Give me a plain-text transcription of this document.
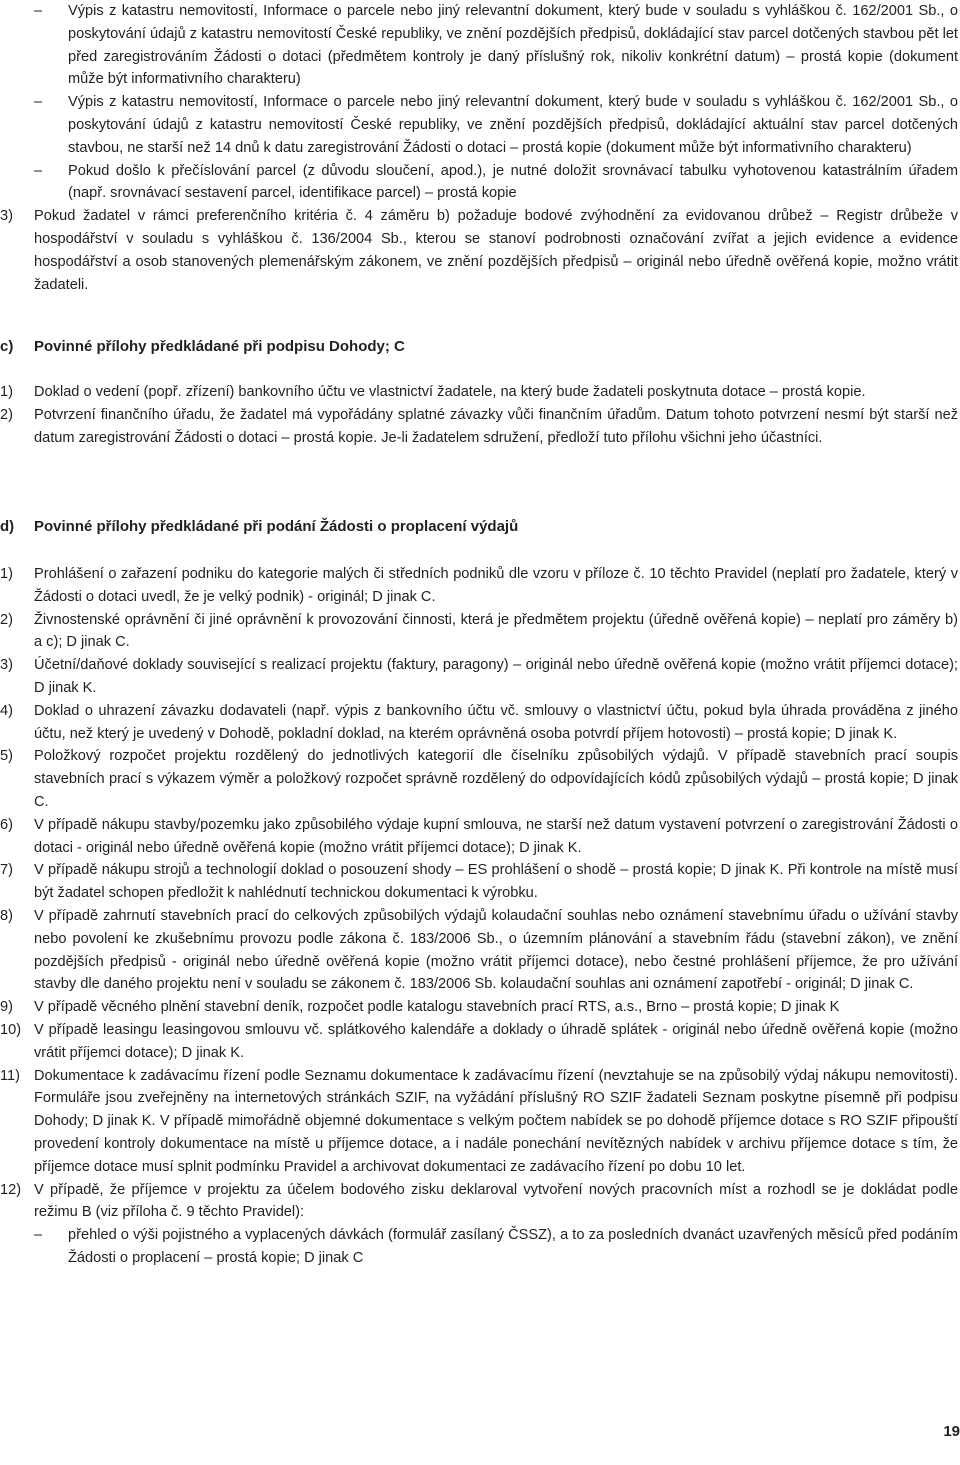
– Výpis z katastru nemovitostí, Informace o parcele nebo jiný relevantní dokument, který bude v souladu s vyhláškou č. 162/2001 Sb., o poskytování údajů z katastru nemovitostí České republiky, ve znění pozdějších předpisů, dokládající stav parcel dotčených stavbou pět let před zaregistrováním Žádosti o dotaci (předmětem kontroly je daný příslušný rok, nikoliv konkrétní datum) – prostá kopie (dokument může být informativního charakteru)

– Výpis z katastru nemovitostí, Informace o parcele nebo jiný relevantní dokument, který bude v souladu s vyhláškou č. 162/2001 Sb., o poskytování údajů z katastru nemovitostí České republiky, ve znění pozdějších předpisů, dokládající aktuální stav parcel dotčených stavbou, ne starší než 14 dnů k datu zaregistrování Žádosti o dotaci – prostá kopie (dokument může být informativního charakteru)

– Pokud došlo k přečíslování parcel (z důvodu sloučení, apod.), je nutné doložit srovnávací tabulku vyhotovenou katastrálním úřadem (např. srovnávací sestavení parcel, identifikace parcel) – prostá kopie

3) Pokud žadatel v rámci preferenčního kritéria č. 4 záměru b) požaduje bodové zvýhodnění za evidovanou drůbež – Registr drůbeže v hospodářství v souladu s vyhláškou č. 136/2004 Sb., kterou se stanoví podrobnosti označování zvířat a jejich evidence a evidence hospodářství a osob stanovených plemenářským zákonem, ve znění pozdějších předpisů – originál nebo úředně ověřená kopie, možno vrátit žadateli.

c) Povinné přílohy předkládané při podpisu Dohody; C
1) Doklad o vedení (popř. zřízení) bankovního účtu ve vlastnictví žadatele, na který bude žadateli poskytnuta dotace – prostá kopie.

2) Potvrzení finančního úřadu, že žadatel má vypořádány splatné závazky vůči finančním úřadům. Datum tohoto potvrzení nesmí být starší než datum zaregistrování Žádosti o dotaci – prostá kopie. Je-li žadatelem sdružení, předloží tuto přílohu všichni jeho účastníci.

d) Povinné přílohy předkládané při podání Žádosti o proplacení výdajů
1) Prohlášení o zařazení podniku do kategorie malých či středních podniků dle vzoru v příloze č. 10 těchto Pravidel (neplatí pro žadatele, který v Žádosti o dotaci uvedl, že je velký podnik) - originál; D jinak C.

2) Živnostenské oprávnění či jiné oprávnění k provozování činnosti, která je předmětem projektu (úředně ověřená kopie) – neplatí pro záměry b) a c); D jinak C.

3) Účetní/daňové doklady související s realizací projektu (faktury, paragony) – originál nebo úředně ověřená kopie (možno vrátit příjemci dotace); D jinak K.

4) Doklad o uhrazení závazku dodavateli (např. výpis z bankovního účtu vč. smlouvy o vlastnictví účtu, pokud byla úhrada prováděna z jiného účtu, než který je uvedený v Dohodě, pokladní doklad, na kterém oprávněná osoba potvrdí příjem hotovosti) – prostá kopie; D jinak K.

5) Položkový rozpočet projektu rozdělený do jednotlivých kategorií dle číselníku způsobilých výdajů. V případě stavebních prací soupis stavebních prací s výkazem výměr a položkový rozpočet správně rozdělený do odpovídajících kódů způsobilých výdajů – prostá kopie; D jinak C.

6) V případě nákupu stavby/pozemku jako způsobilého výdaje kupní smlouva, ne starší než datum vystavení potvrzení o zaregistrování Žádosti o dotaci - originál nebo úředně ověřená kopie (možno vrátit příjemci dotace); D jinak K.

7) V případě nákupu strojů a technologií doklad o posouzení shody – ES prohlášení o shodě – prostá kopie; D jinak K. Při kontrole na místě musí být žadatel schopen předložit k nahlédnutí technickou dokumentaci k výrobku.

8) V případě zahrnutí stavebních prací do celkových způsobilých výdajů kolaudační souhlas nebo oznámení stavebnímu úřadu o užívání stavby nebo povolení ke zkušebnímu provozu podle zákona č. 183/2006 Sb., o územním plánování a stavebním řádu (stavební zákon), ve znění pozdějších předpisů - originál nebo úředně ověřená kopie (možno vrátit příjemci dotace), nebo čestné prohlášení příjemce, že pro užívání stavby dle daného projektu není v souladu se zákonem č. 183/2006 Sb. kolaudační souhlas ani oznámení zapotřebí - originál; D jinak C.

9) V případě věcného plnění stavební deník, rozpočet podle katalogu stavebních prací RTS, a.s., Brno – prostá kopie; D jinak K

10) V případě leasingu leasingovou smlouvu vč. splátkového kalendáře a doklady o úhradě splátek - originál nebo úředně ověřená kopie (možno vrátit příjemci dotace); D jinak K.

11) Dokumentace k zadávacímu řízení podle Seznamu dokumentace k zadávacímu řízení (nevztahuje se na způsobilý výdaj nákupu nemovitosti). Formuláře jsou zveřejněny na internetových stránkách SZIF, na vyžádání příslušný RO SZIF žadateli Seznam poskytne písemně při podpisu Dohody; D jinak K. V případě mimořádně objemné dokumentace s velkým počtem nabídek se po dohodě příjemce dotace s RO SZIF připouští provedení kontroly dokumentace na místě u příjemce dotace, a i nadále ponechání nevítězných nabídek v archivu příjemce dotace s tím, že příjemce dotace musí splnit podmínku Pravidel a archivovat dokumentaci ze zadávacího řízení po dobu 10 let.

12) V případě, že příjemce v projektu za účelem bodového zisku deklaroval vytvoření nových pracovních míst a rozhodl se je dokládat podle režimu B (viz příloha č. 9 těchto Pravidel):

– přehled o výši pojistného a vyplacených dávkách (formulář zasílaný ČSSZ), a to za posledních dvanáct uzavřených měsíců před podáním Žádosti o proplacení – prostá kopie; D jinak C

19
